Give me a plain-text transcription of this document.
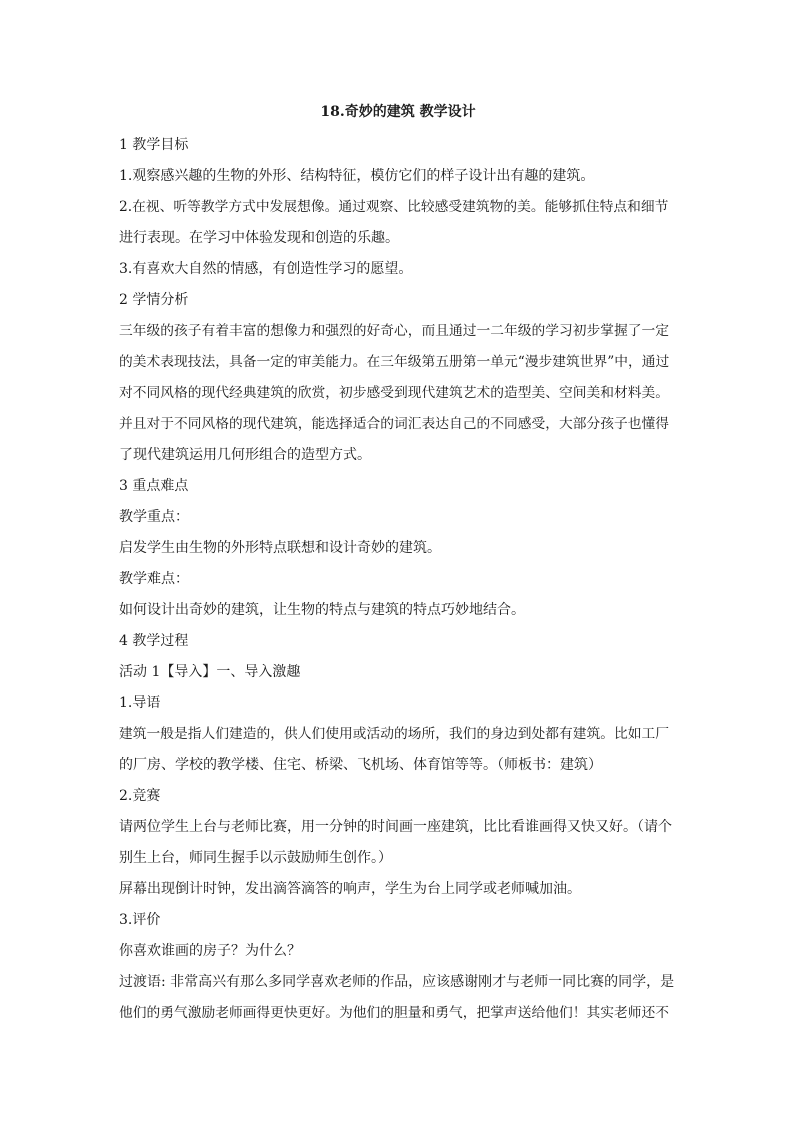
18.奇妙的建筑 教学设计

1 教学目标

1.观察感兴趣的生物的外形、结构特征，模仿它们的样子设计出有趣的建筑。

2.在视、听等教学方式中发展想像。通过观察、比较感受建筑物的美。能够抓住特点和细节

进行表现。在学习中体验发现和创造的乐趣。

3.有喜欢大自然的情感，有创造性学习的愿望。

2 学情分析

三年级的孩子有着丰富的想像力和强烈的好奇心，而且通过一二年级的学习初步掌握了一定

的美术表现技法，具备一定的审美能力。在三年级第五册第一单元“漫步建筑世界”中，通过

对不同风格的现代经典建筑的欣赏，初步感受到现代建筑艺术的造型美、空间美和材料美。

并且对于不同风格的现代建筑，能选择适合的词汇表达自己的不同感受，大部分孩子也懂得

了现代建筑运用几何形组合的造型方式。

3 重点难点

教学重点：

启发学生由生物的外形特点联想和设计奇妙的建筑。

教学难点：

如何设计出奇妙的建筑，让生物的特点与建筑的特点巧妙地结合。

4 教学过程

活动 1【导入】一、导入激趣

1.导语

建筑一般是指人们建造的，供人们使用或活动的场所，我们的身边到处都有建筑。比如工厂

的厂房、学校的教学楼、住宅、桥梁、飞机场、体育馆等等。（师板书：建筑）

2.竞赛

请两位学生上台与老师比赛，用一分钟的时间画一座建筑，比比看谁画得又快又好。（请个

别生上台，师同生握手以示鼓励师生创作。）

屏幕出现倒计时钟，发出滴答滴答的响声，学生为台上同学或老师喊加油。

3.评价

你喜欢谁画的房子？为什么？

过渡语: 非常高兴有那么多同学喜欢老师的作品，应该感谢刚才与老师一同比赛的同学，是

他们的勇气激励老师画得更快更好。为他们的胆量和勇气，把掌声送给他们！其实老师还不
